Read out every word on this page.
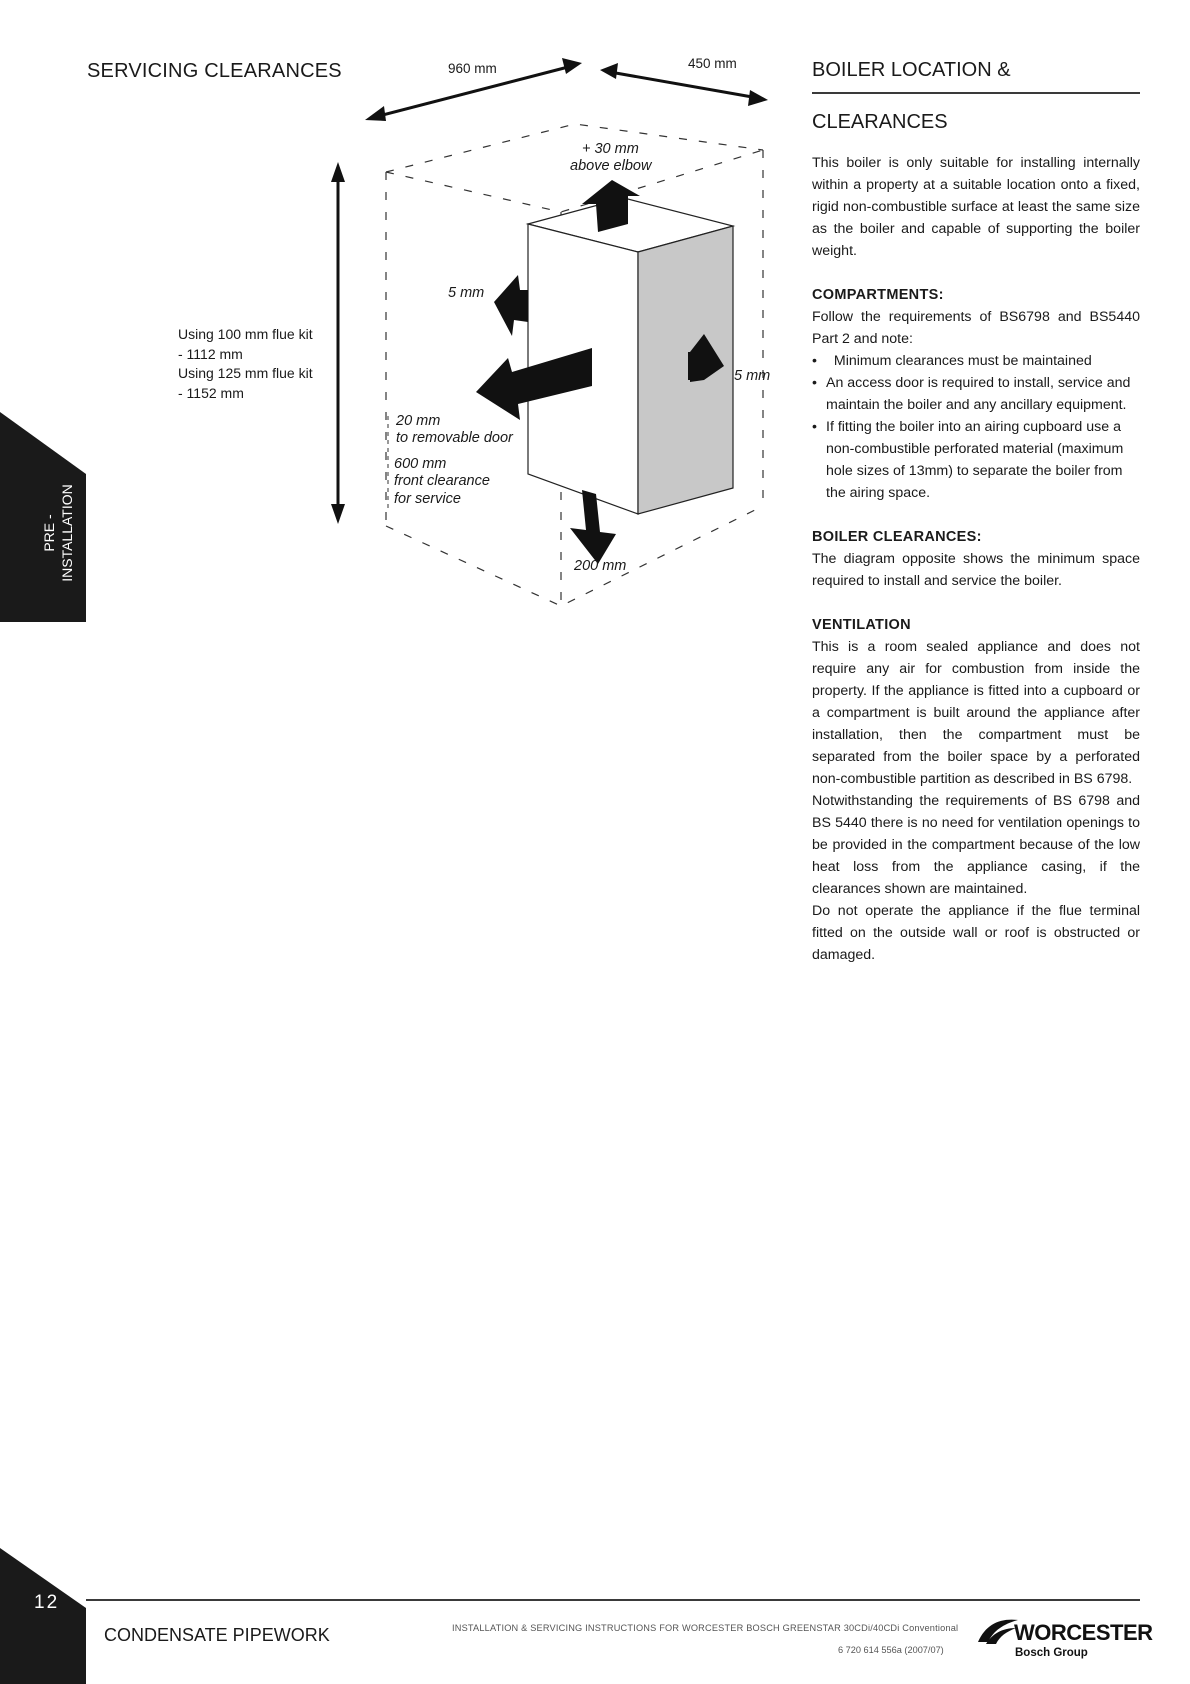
SERVICING CLEARANCES	960 mm	450 mm
Using 100 mm flue kit
- 1112 mm
Using 125 mm flue kit
- 1152 mm
+ 30 mm
above elbow
5 mm
5 mm
20 mm
to removable door
600 mm
front clearance
for service
200 mm
BOILER LOCATION &
CLEARANCES

This boiler is only suitable for installing internally within a property at a suitable location onto a fixed, rigid non-combustible surface at least the same size as the boiler and capable of supporting the boiler weight.

COMPARTMENTS:

Follow the requirements of BS6798 and BS5440 Part 2 and note:

• Minimum clearances must be maintained
• An access door is required to install, service and maintain the boiler and any ancillary equipment.
• If fitting the boiler into an airing cupboard use a non-combustible perforated material (maximum hole sizes of 13mm) to separate the boiler from the airing space.
BOILER CLEARANCES:

The diagram opposite shows the minimum space required to install and service the boiler.

VENTILATION

This is a room sealed appliance and does not require any air for combustion from inside the property. If the appliance is fitted into a cupboard or a compartment is built around the appliance after installation, then the compartment must be separated from the boiler space by a perforated non-combustible partition as described in BS 6798.

Notwithstanding the requirements of BS 6798 and BS 5440 there is no need for ventilation openings to be provided in the compartment because of the low heat loss from the appliance casing, if the clearances shown are maintained.

Do not operate the appliance if the flue terminal fitted on the outside wall or roof is obstructed or damaged.

PRE - INSTALLATION
12
CONDENSATE PIPEWORK	INSTALLATION & SERVICING INSTRUCTIONS FOR WORCESTER BOSCH GREENSTAR 30CDi/40CDi Conventional
6 720 614 556a (2007/07)
WORCESTER
Bosch Group
